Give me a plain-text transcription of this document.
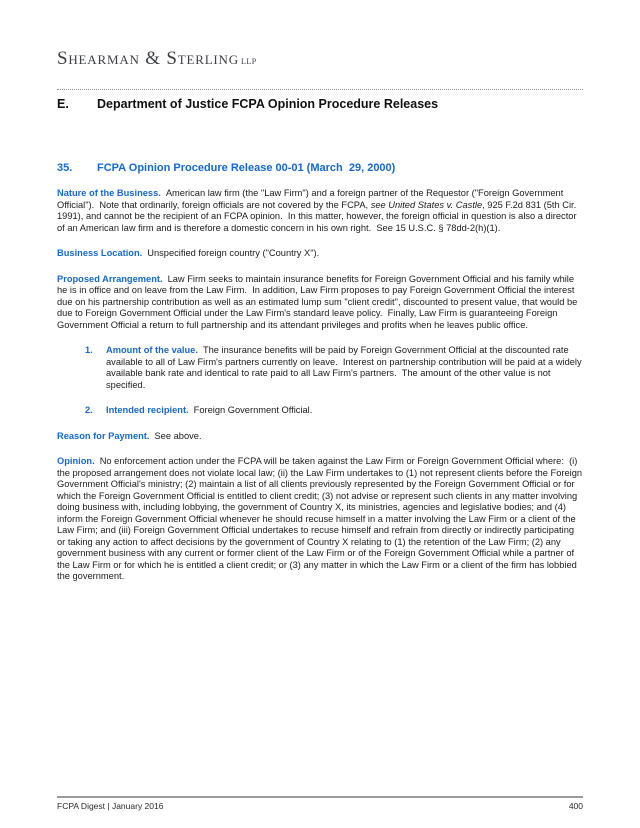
Shearman & Sterling LLP
E.	Department of Justice FCPA Opinion Procedure Releases
35.	FCPA Opinion Procedure Release 00-01 (March  29, 2000)

Nature of the Business. American law firm (the "Law Firm") and a foreign partner of the Requestor ("Foreign Government Official").  Note that ordinarily, foreign officials are not covered by the FCPA, see United States v. Castle, 925 F.2d 831 (5th Cir. 1991), and cannot be the recipient of an FCPA opinion.  In this matter, however, the foreign official in question is also a director of an American law firm and is therefore a domestic concern in his own right.  See 15 U.S.C. § 78dd-2(h)(1).

Business Location. Unspecified foreign country ("Country X").

Proposed Arrangement. Law Firm seeks to maintain insurance benefits for Foreign Government Official and his family while he is in office and on leave from the Law Firm.  In addition, Law Firm proposes to pay Foreign Government Official the interest due on his partnership contribution as well as an estimated lump sum "client credit", discounted to present value, that would be due to Foreign Government Official under the Law Firm's standard leave policy.  Finally, Law Firm is guaranteeing Foreign Government Official a return to full partnership and its attendant privileges and profits when he leaves public office.

1.	Amount of the value. The insurance benefits will be paid by Foreign Government Official at the discounted rate available to all of Law Firm's partners currently on leave.  Interest on partnership contribution will be paid at a widely available bank rate and identical to rate paid to all Law Firm's partners.  The amount of the other value is not specified.
2.	Intended recipient. Foreign Government Official.

Reason for Payment. See above.

Opinion. No enforcement action under the FCPA will be taken against the Law Firm or Foreign Government Official where:  (i) the proposed arrangement does not violate local law; (ii) the Law Firm undertakes to (1) not represent clients before the Foreign Government Official's ministry; (2) maintain a list of all clients previously represented by the Foreign Government Official or for which the Foreign Government Official is entitled to client credit; (3) not advise or represent such clients in any matter involving doing business with, including lobbying, the government of Country X, its ministries, agencies and legislative bodies; and (4) inform the Foreign Government Official whenever he should recuse himself in a matter involving the Law Firm or a client of the Law Firm; and (iii) Foreign Government Official undertakes to recuse himself and refrain from directly or indirectly participating or taking any action to affect decisions by the government of Country X relating to (1) the retention of the Law Firm; (2) any government business with any current or former client of the Law Firm or of the Foreign Government Official while a partner of the Law Firm or for which he is entitled a client credit; or (3) any matter in which the Law Firm or a client of the firm has lobbied the government.

FCPA Digest | January 2016	400
